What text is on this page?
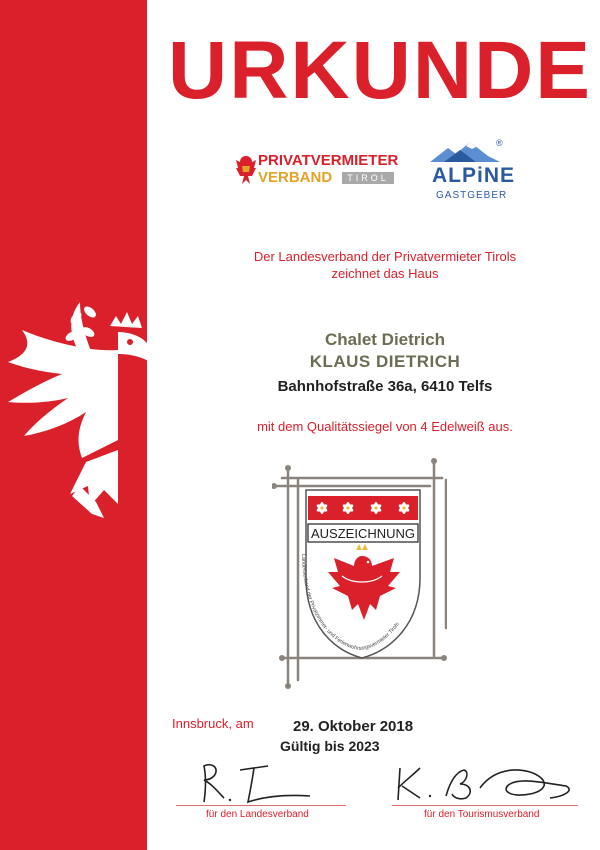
URKUNDE
PRIVATVERMIETER
VERBAND	TIROL
®
ALPiNE
GASTGEBER
Der Landesverband der Privatvermieter Tirols
zeichnet das Haus
Chalet Dietrich
KLAUS DIETRICH
Bahnhofstraße 36a, 6410 Telfs
mit dem Qualitätssiegel von 4 Edelweiß aus.
AUSZEICHNUNG
Landesverband der Privatzimmer- und Ferienwohnungsvermieter Tirols
Innsbruck, am	29. Oktober 2018
Gültig bis 2023
für den Landesverband	für den Tourismusverband
